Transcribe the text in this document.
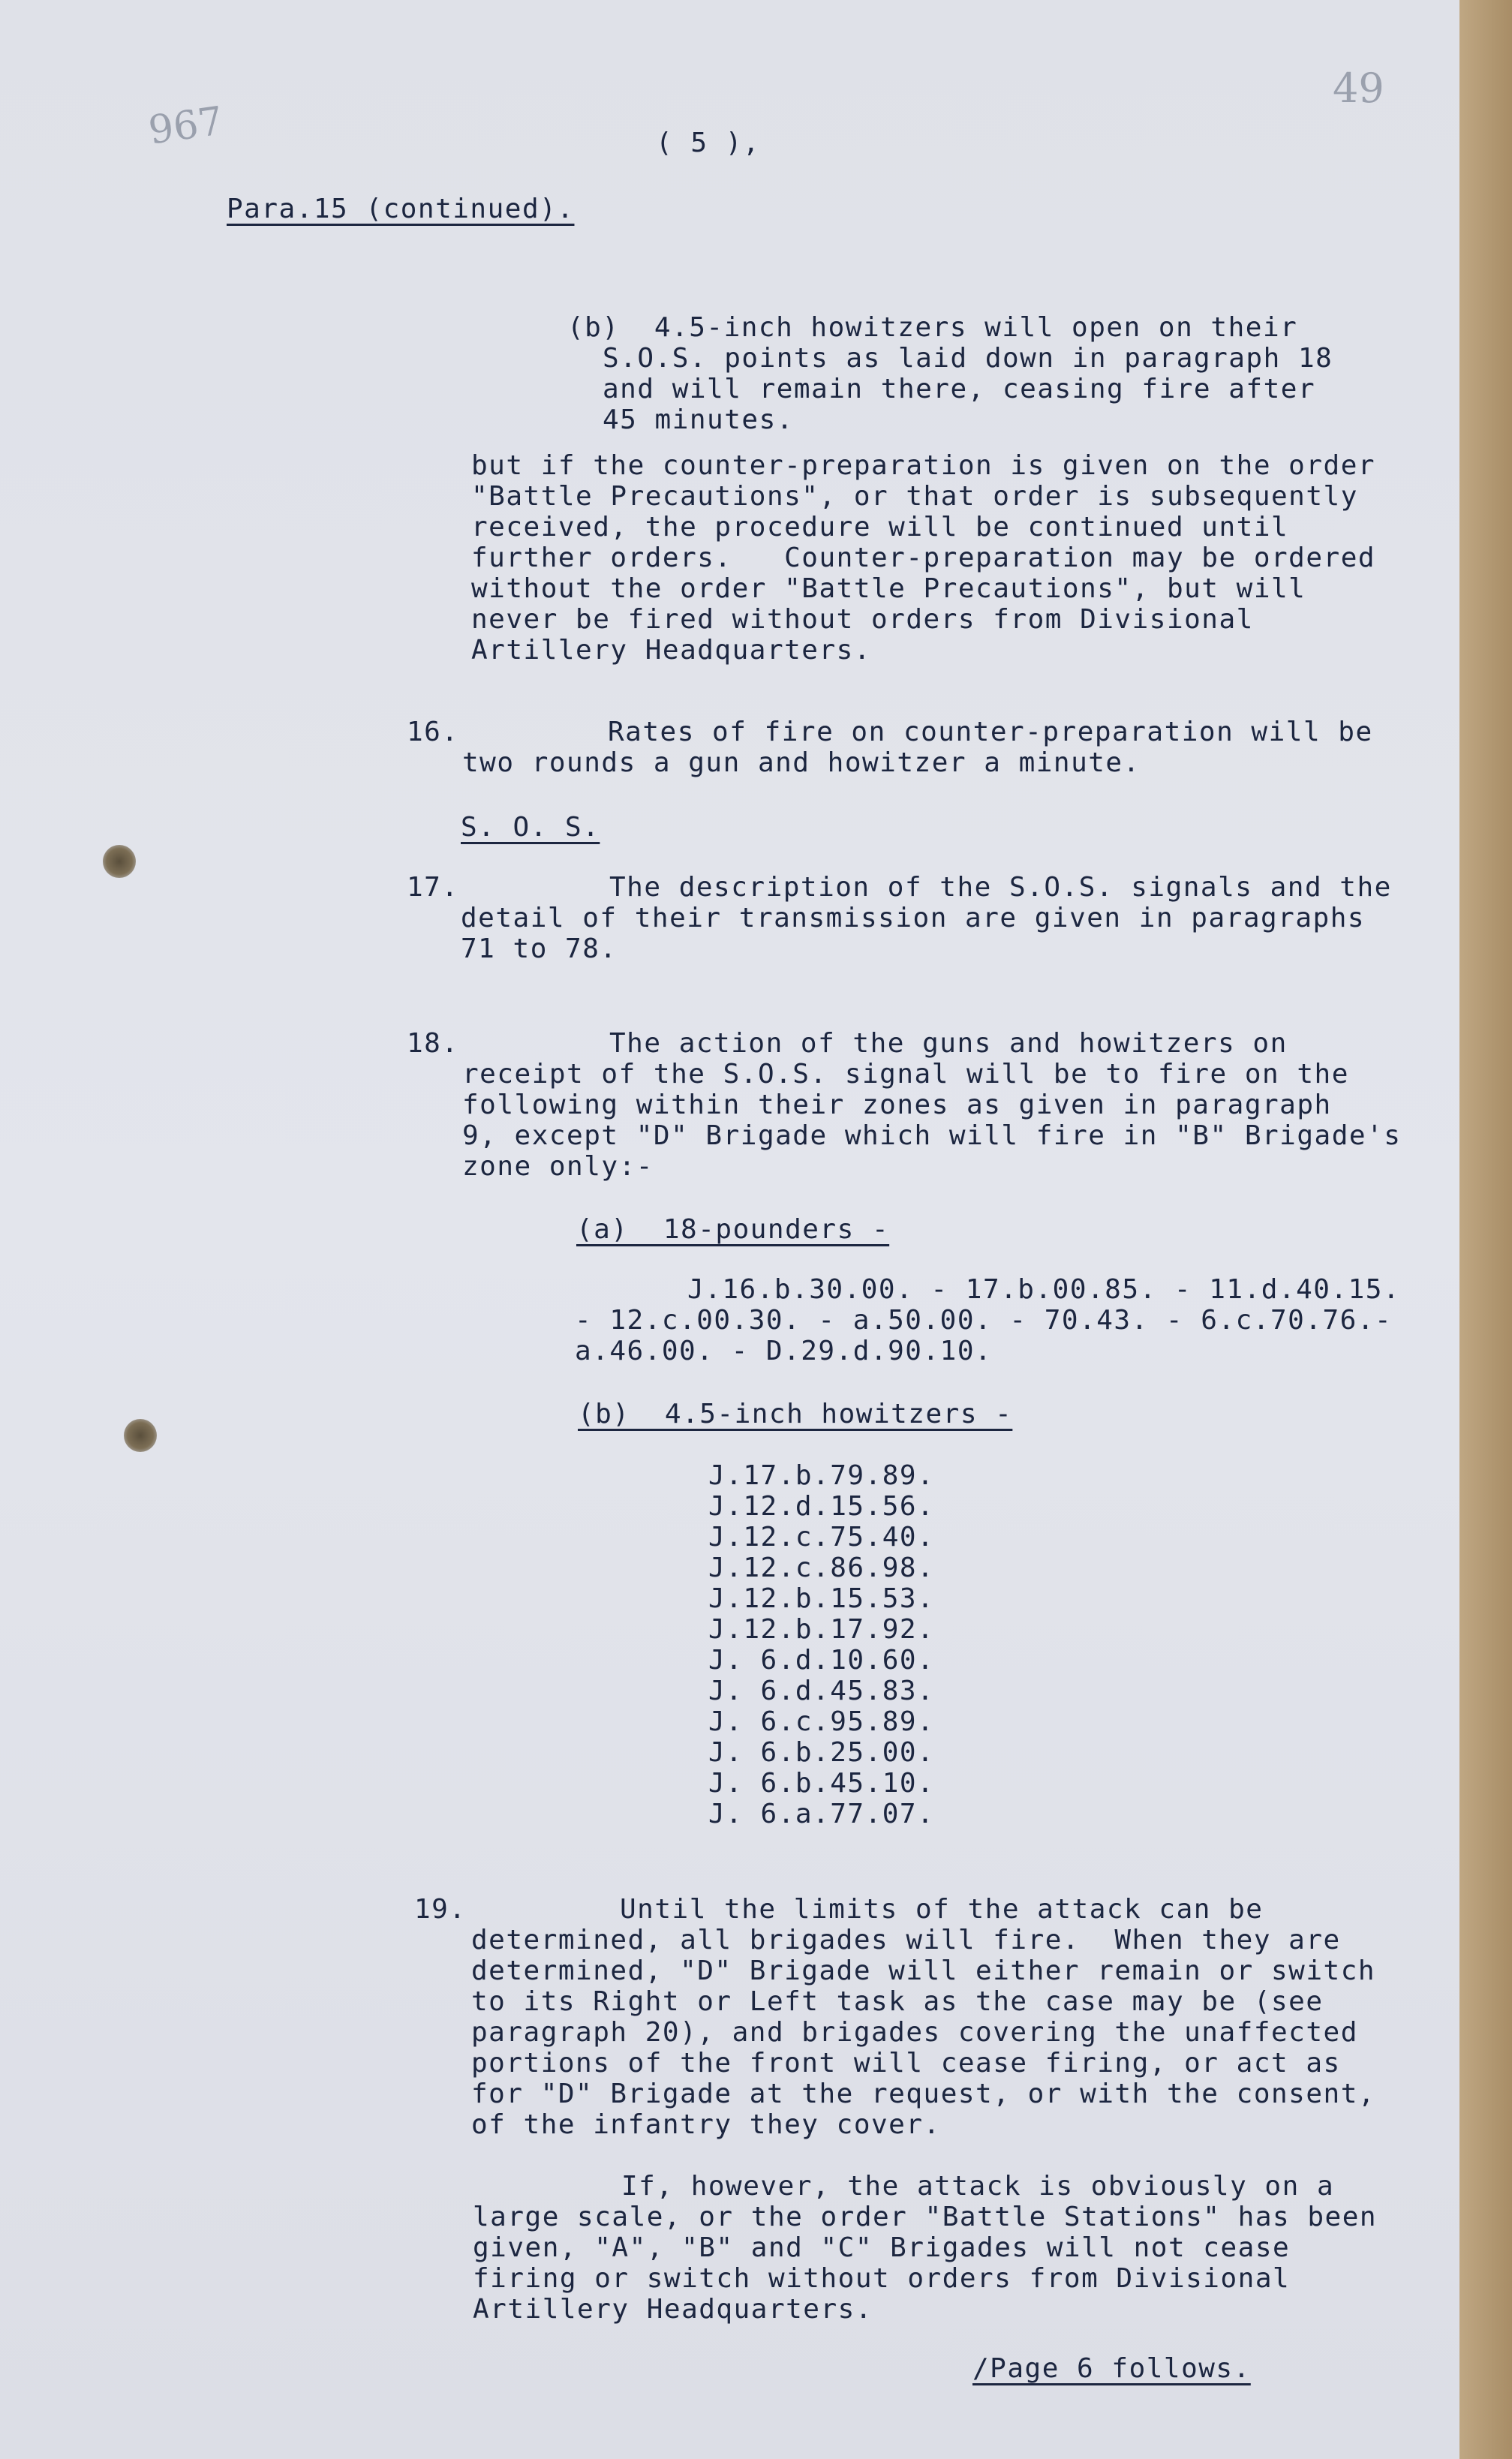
967
49
( 5 ),
Para.15 (continued).
(b)  4.5-inch howitzers will open on their
S.O.S. points as laid down in paragraph 18
and will remain there, ceasing fire after
45 minutes.
but if the counter-preparation is given on the order
"Battle Precautions", or that order is subsequently
received, the procedure will be continued until
further orders.   Counter-preparation may be ordered
without the order "Battle Precautions", but will
never be fired without orders from Divisional
Artillery Headquarters.
16.	Rates of fire on counter-preparation will be
two rounds a gun and howitzer a minute.
S. O. S.
17.	The description of the S.O.S. signals and the
detail of their transmission are given in paragraphs
71 to 78.
18.	The action of the guns and howitzers on
receipt of the S.O.S. signal will be to fire on the
following within their zones as given in paragraph
9, except "D" Brigade which will fire in "B" Brigade's
zone only:-
(a)  18-pounders -
J.16.b.30.00. - 17.b.00.85. - 11.d.40.15.
- 12.c.00.30. - a.50.00. - 70.43. - 6.c.70.76.-
a.46.00. - D.29.d.90.10.
(b)  4.5-inch howitzers -
J.17.b.79.89.
J.12.d.15.56.
J.12.c.75.40.
J.12.c.86.98.
J.12.b.15.53.
J.12.b.17.92.
J. 6.d.10.60.
J. 6.d.45.83.
J. 6.c.95.89.
J. 6.b.25.00.
J. 6.b.45.10.
J. 6.a.77.07.
19.	Until the limits of the attack can be
determined, all brigades will fire.  When they are
determined, "D" Brigade will either remain or switch
to its Right or Left task as the case may be (see
paragraph 20), and brigades covering the unaffected
portions of the front will cease firing, or act as
for "D" Brigade at the request, or with the consent,
of the infantry they cover.
If, however, the attack is obviously on a
large scale, or the order "Battle Stations" has been
given, "A", "B" and "C" Brigades will not cease
firing or switch without orders from Divisional
Artillery Headquarters.
/Page 6 follows.
